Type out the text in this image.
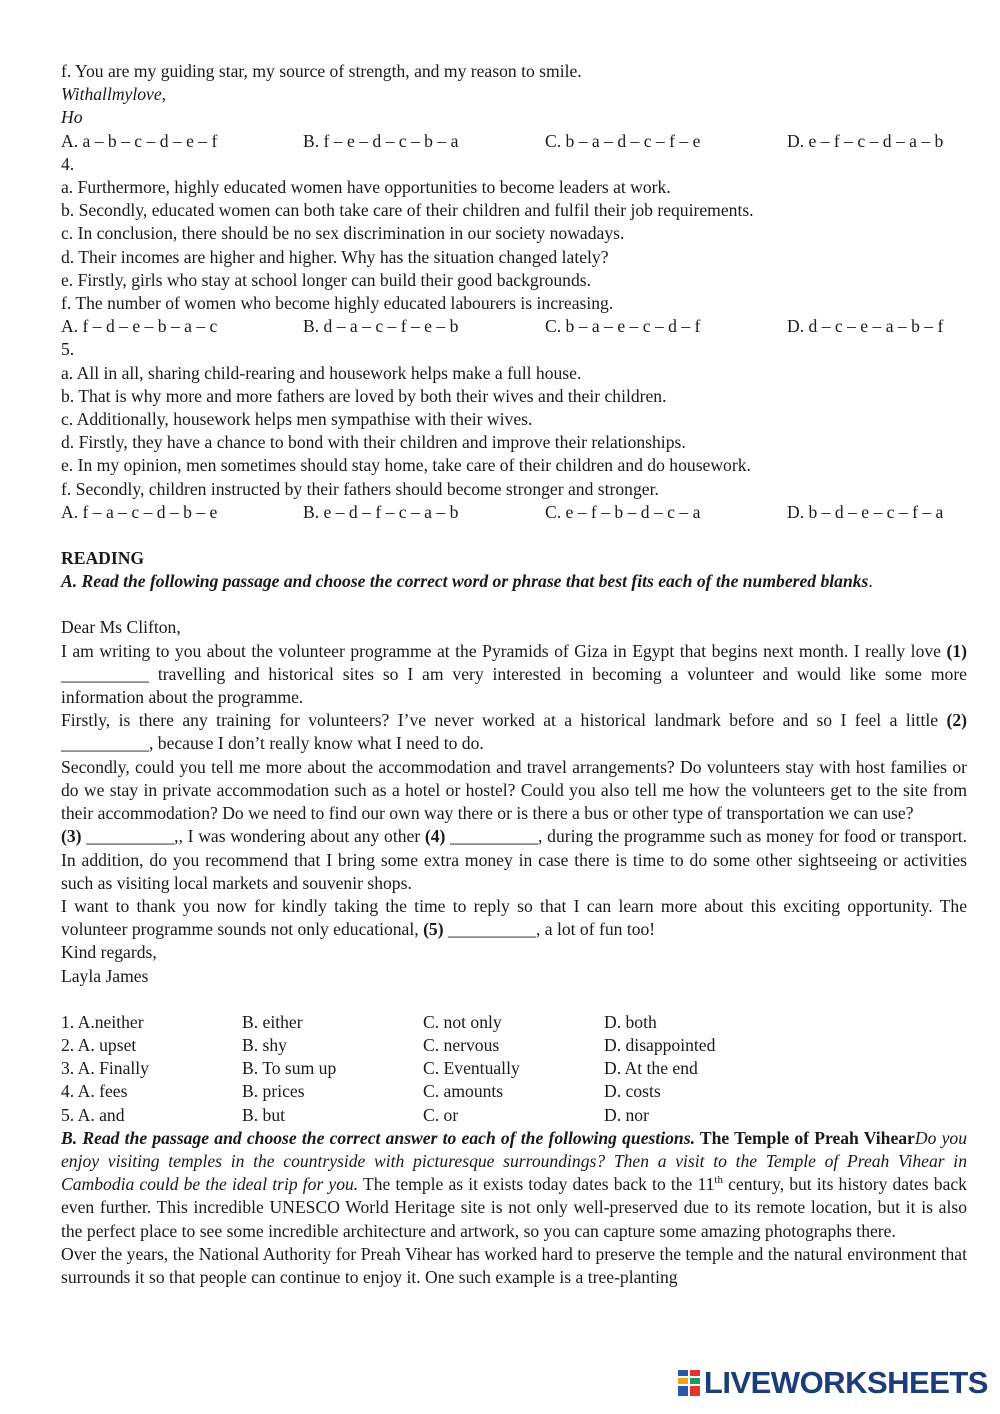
f. You are my guiding star, my source of strength, and my reason to smile.

Withallmylove,

Ho

A. a – b – c – d – e – f	B. f – e – d – c – b – a	C. b – a – d – c – f – e	D. e – f – c – d – a – b

4.

a. Furthermore, highly educated women have opportunities to become leaders at work.

b. Secondly, educated women can both take care of their children and fulfil their job requirements.

c. In conclusion, there should be no sex discrimination in our society nowadays.

d. Their incomes are higher and higher. Why has the situation changed lately?

e. Firstly, girls who stay at school longer can build their good backgrounds.

f. The number of women who become highly educated labourers is increasing.

A. f – d – e – b – a – c	B. d – a – c – f – e – b	C. b – a – e – c – d – f	D. d – c – e – a – b – f

5.

a. All in all, sharing child-rearing and housework helps make a full house.

b. That is why more and more fathers are loved by both their wives and their children.

c. Additionally, housework helps men sympathise with their wives.

d. Firstly, they have a chance to bond with their children and improve their relationships.

e. In my opinion, men sometimes should stay home, take care of their children and do housework.

f. Secondly, children instructed by their fathers should become stronger and stronger.

A. f – a – c – d – b – e	B. e – d – f – c – a – b	C. e – f – b – d – c – a	D. b – d – e – c – f – a

READING

A. Read the following passage and choose the correct word or phrase that best fits each of the numbered blanks.

Dear Ms Clifton,

I am writing to you about the volunteer programme at the Pyramids of Giza in Egypt that begins next month. I really love (1) __________ travelling and historical sites so I am very interested in becoming a volunteer and would like some more information about the programme.

Firstly, is there any training for volunteers? I’ve never worked at a historical landmark before and so I feel a little (2) __________, because I don’t really know what I need to do.

Secondly, could you tell me more about the accommodation and travel arrangements? Do volunteers stay with host families or do we stay in private accommodation such as a hotel or hostel? Could you also tell me how the volunteers get to the site from their accommodation? Do we need to find our own way there or is there a bus or other type of transportation we can use?

(3) __________,, I was wondering about any other (4) __________, during the programme such as money for food or transport. In addition, do you recommend that I bring some extra money in case there is time to do some other sightseeing or activities such as visiting local markets and souvenir shops.

I want to thank you now for kindly taking the time to reply so that I can learn more about this exciting opportunity. The volunteer programme sounds not only educational, (5) __________, a lot of fun too!

Kind regards,

Layla James

1. A.neither	B. either	C. not only	D. both
2. A. upset	B. shy	C. nervous	D. disappointed
3. A. Finally	B. To sum up	C. Eventually	D. At the end
4. A. fees	B. prices	C. amounts	D. costs
5. A. and	B. but	C. or	D. nor

B. Read the passage and choose the correct answer to each of the following questions. The Temple of Preah VihearDo you enjoy visiting temples in the countryside with picturesque surroundings? Then a visit to the Temple of Preah Vihear in Cambodia could be the ideal trip for you. The temple as it exists today dates back to the 11th century, but its history dates back even further. This incredible UNESCO World Heritage site is not only well-preserved due to its remote location, but it is also the perfect place to see some incredible architecture and artwork, so you can capture some amazing photographs there.

Over the years, the National Authority for Preah Vihear has worked hard to preserve the temple and the natural environment that surrounds it so that people can continue to enjoy it. One such example is a tree-planting

LIVEWORKSHEETS
